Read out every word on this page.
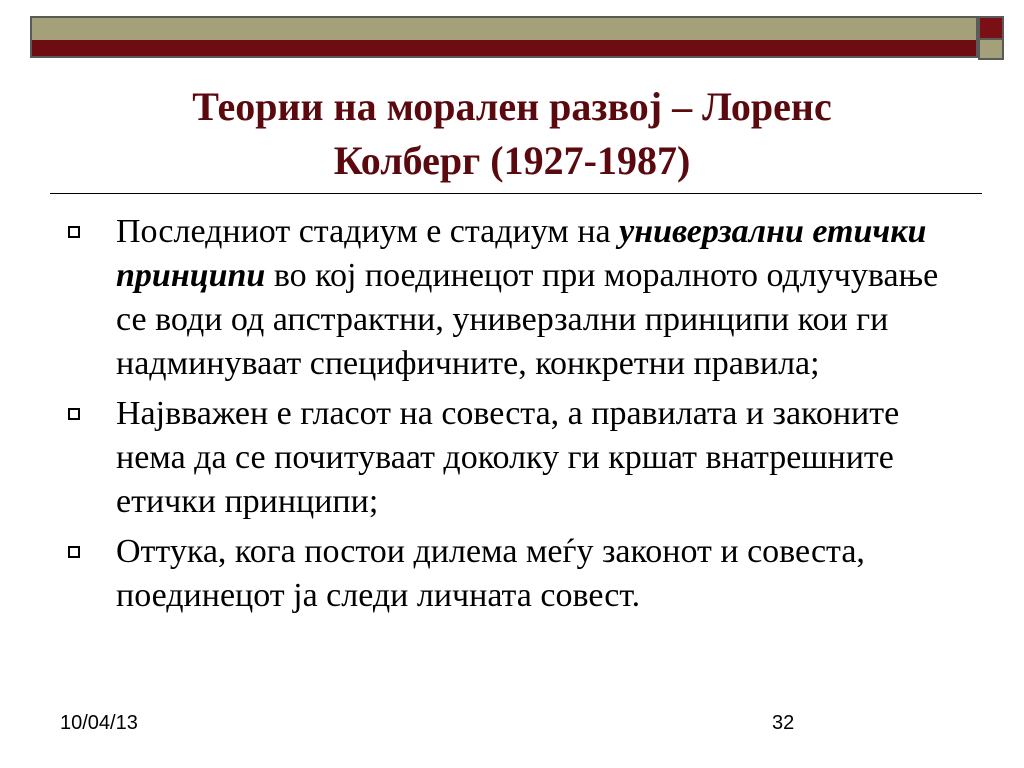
Теории на морален развој – Лоренс
Колберг (1927-1987)
Последниот стадиум е стадиум на универзални етички принципи во кој поединецот при моралното одлучување се води од апстрактни, универзални принципи кои ги надминуваат специфичните, конкретни правила;
Највважен е гласот на совеста, а правилата и законите нема да се почитуваат доколку ги кршат внатрешните етички принципи;
Оттука, кога постои дилема меѓу законот и совеста, поединецот ја следи личната совест.
10/04/13	32
